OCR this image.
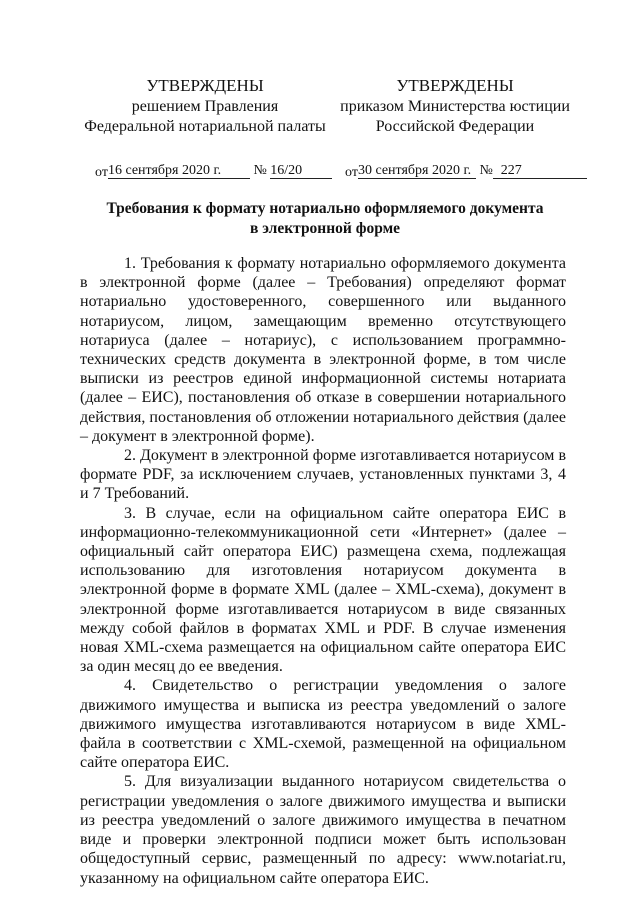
УТВЕРЖДЕНЫ
решением Правления
Федеральной нотариальной палаты
УТВЕРЖДЕНЫ
приказом Министерства юстиции
Российской Федерации
от16 сентября 2020 г. № 16/20	от30 сентября 2020 г. № 227
Требования к формату нотариально оформляемого документа
в электронной форме

1. Требования к формату нотариально оформляемого документа в электронной форме (далее – Требования) определяют формат нотариально удостоверенного, совершенного или выданного нотариусом, лицом, замещающим временно отсутствующего нотариуса (далее – нотариус), с использованием программно-технических средств документа в электронной форме, в том числе выписки из реестров единой информационной системы нотариата (далее – ЕИС), постановления об отказе в совершении нотариального действия, постановления об отложении нотариального действия (далее – документ в электронной форме).

2. Документ в электронной форме изготавливается нотариусом в формате PDF, за исключением случаев, установленных пунктами 3, 4 и 7 Требований.

3. В случае, если на официальном сайте оператора ЕИС в информационно-телекоммуникационной сети «Интернет» (далее – официальный сайт оператора ЕИС) размещена схема, подлежащая использованию для изготовления нотариусом документа в электронной форме в формате XML (далее – XML-схема), документ в электронной форме изготавливается нотариусом в виде связанных между собой файлов в форматах XML и PDF. В случае изменения новая XML-схема размещается на официальном сайте оператора ЕИС за один месяц до ее введения.

4. Свидетельство о регистрации уведомления о залоге движимого имущества и выписка из реестра уведомлений о залоге движимого имущества изготавливаются нотариусом в виде XML-файла в соответствии с XML-схемой, размещенной на официальном сайте оператора ЕИС.

5. Для визуализации выданного нотариусом свидетельства о регистрации уведомления о залоге движимого имущества и выписки из реестра уведомлений о залоге движимого имущества в печатном виде и проверки электронной подписи может быть использован общедоступный сервис, размещенный по адресу: www.notariat.ru, указанному на официальном сайте оператора ЕИС.
